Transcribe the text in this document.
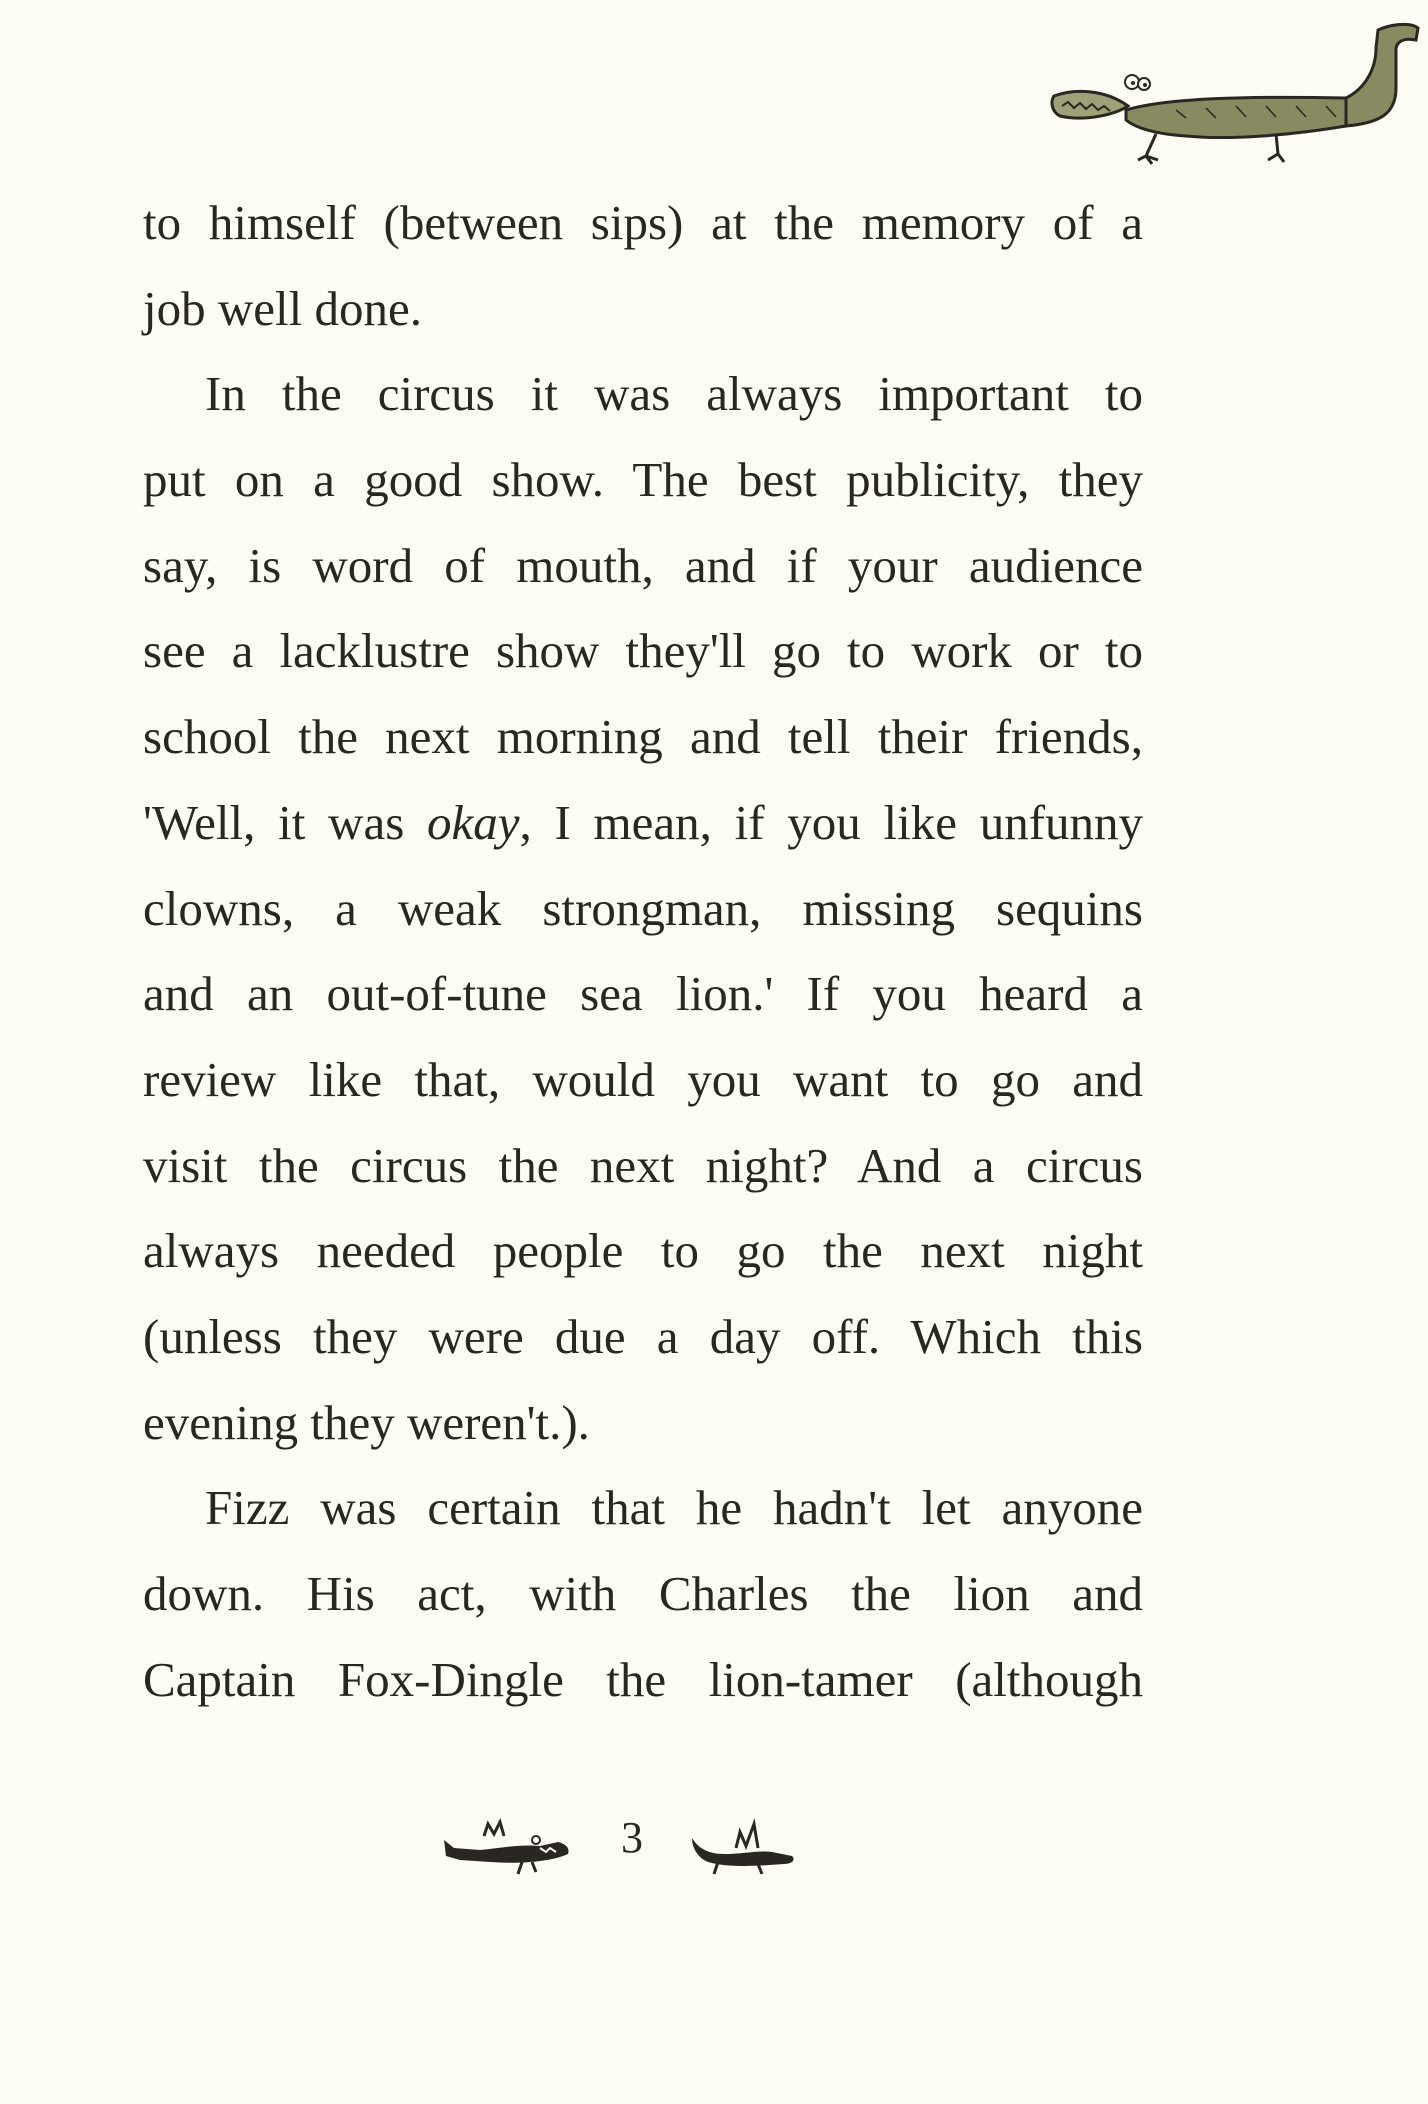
to himself (between sips) at the memory of a
job well done.
In the circus it was always important to
put on a good show. The best publicity, they
say, is word of mouth, and if your audience
see a lacklustre show they'll go to work or to
school the next morning and tell their friends,
'Well, it was okay, I mean, if you like unfunny
clowns, a weak strongman, missing sequins
and an out-of-tune sea lion.' If you heard a
review like that, would you want to go and
visit the circus the next night? And a circus
always needed people to go the next night
(unless they were due a day off. Which this
evening they weren't.).
Fizz was certain that he hadn't let anyone
down. His act, with Charles the lion and
Captain Fox-Dingle the lion-tamer (although
3
